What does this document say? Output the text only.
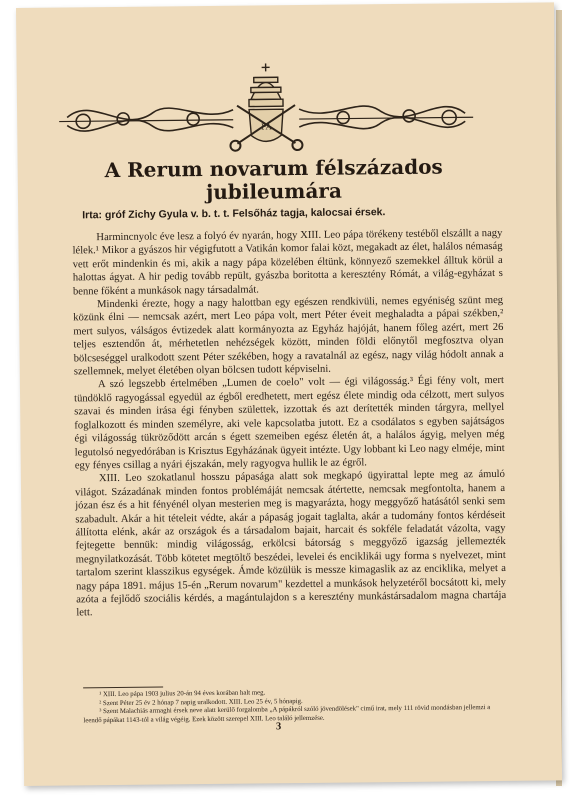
PA
A Rerum novarum félszázados
jubileumára

Irta: gróf Zichy Gyula v. b. t. t. Felsőház tagja, kalocsai érsek.

Harmincnyolc éve lesz a folyó év nyarán, hogy XIII. Leo pápa törékeny testéből elszállt a nagy lélek.¹ Mikor a gyászos hir végigfutott a Vatikán komor falai közt, megakadt az élet, halálos némaság vett erőt mindenkin és mi, akik a nagy pápa közelében éltünk, könnyező szemekkel álltuk körül a halottas ágyat. A hir pedig tovább repült, gyászba boritotta a keresztény Rómát, a világ-egyházat s benne főként a munkások nagy társadalmát.

Mindenki érezte, hogy a nagy halottban egy egészen rendkivüli, nemes egyéniség szünt meg közünk élni — nemcsak azért, mert Leo pápa volt, mert Péter éveit meghaladta a pápai székben,² mert sulyos, válságos évtizedek alatt kormányozta az Egyház hajóját, hanem főleg azért, mert 26 teljes esztendőn át, mérhetetlen nehézségek között, minden földi előnytől megfosztva olyan bölcseséggel uralkodott szent Péter székében, hogy a ravatalnál az egész, nagy világ hódolt annak a szellemnek, melyet életében olyan bölcsen tudott képviselni.

A szó legszebb értelmében „Lumen de coelo" volt — égi világosság.³ Égi fény volt, mert tündöklő ragyogással egyedül az égből eredhetett, mert egész élete mindig oda célzott, mert sulyos szavai és minden irása égi fényben születtek, izzottak és azt derítették minden tárgyra, mellyel foglalkozott és minden személyre, aki vele kapcsolatba jutott. Ez a csodálatos s egyben sajátságos égi világosság tükröződött arcán s égett szemeiben egész életén át, a halálos ágyig, melyen még legutolsó negyedórában is Krisztus Egyházának ügyeit intézte. Ugy lobbant ki Leo nagy elméje, mint egy fényes csillag a nyári éjszakán, mely ragyogva hullik le az égről.

XIII. Leo szokatlanul hosszu pápasága alatt sok megkapó ügyirattal lepte meg az ámuló világot. Századának minden fontos problémáját nemcsak átértette, nemcsak megfontolta, hanem a józan ész és a hit fényénél olyan mesterien meg is magyarázta, hogy meggyőző hatásától senki sem szabadult. Akár a hit tételeit védte, akár a pápaság jogait taglalta, akár a tudomány fontos kérdéseit állította elénk, akár az országok és a társadalom bajait, harcait és sokféle feladatát vázolta, vagy fejtegette bennük: mindig világosság, erkölcsi bátorság s meggyőző igazság jellemezték megnyilatkozását. Több kötetet megtöltő beszédei, levelei és enciklikái ugy forma s nyelvezet, mint tartalom szerint klasszikus egységek. Ámde közülük is messze kimagaslik az az enciklika, melyet a nagy pápa 1891. május 15-én „Rerum novarum" kezdettel a munkások helyzetéről bocsátott ki, mely azóta a fejlődő szociális kérdés, a magántulajdon s a keresztény munkástársadalom magna chartája lett.

¹ XIII. Leo pápa 1903 julius 20-án 94 éves korában halt meg.

² Szent Péter 25 év 2 hónap 7 napig uralkodott. XIII. Leo 25 év, 5 hónapig.

³ Szent Malachiás armaghi érsek neve alatt kerülő forgalomba „A pápákról szóló jövendölések" cimű irat, mely 111 rövid mondásban jellemzi a leendő pápákat 1143-tól a világ végéig. Ezek között szerepel XIII. Leo találó jellemzése.

3
